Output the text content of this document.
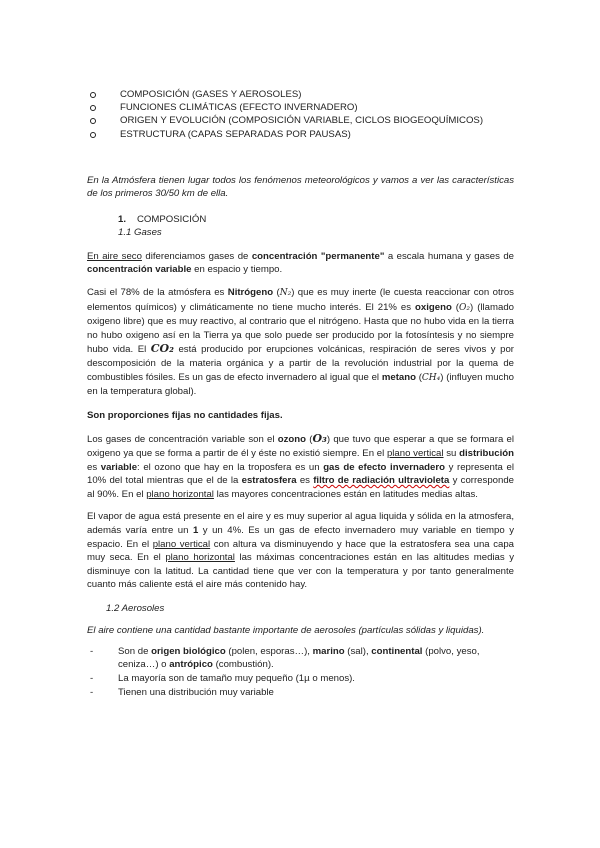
COMPOSICIÓN (GASES Y AEROSOLES)
FUNCIONES CLIMÁTICAS (EFECTO INVERNADERO)
ORIGEN Y EVOLUCIÓN (COMPOSICIÓN VARIABLE, CICLOS BIOGEOQUÍMICOS)
ESTRUCTURA (CAPAS SEPARADAS POR PAUSAS)

En la Atmósfera tienen lugar todos los fenómenos meteorológicos y vamos a ver las características de los primeros 30/50 km de ella.

1. COMPOSICIÓN
1.1 Gases

En aire seco diferenciamos gases de concentración "permanente" a escala humana y gases de concentración variable en espacio y tiempo.

Casi el 78% de la atmósfera es Nitrógeno (N₂) que es muy inerte (le cuesta reaccionar con otros elementos químicos) y climáticamente no tiene mucho interés. El 21% es oxigeno (O₂) (llamado oxigeno libre) que es muy reactivo, al contrario que el nitrógeno. Hasta que no hubo vida en la tierra no hubo oxigeno así en la Tierra ya que solo puede ser producido por la fotosíntesis y no siempre hubo vida. El CO₂ está producido por erupciones volcánicas, respiración de seres vivos y por descomposición de la materia orgánica y a partir de la revolución industrial por la quema de combustibles fósiles. Es un gas de efecto invernadero al igual que el metano (CH₄) (influyen mucho en la temperatura global).

Son proporciones fijas no cantidades fijas.

Los gases de concentración variable son el ozono (O₃) que tuvo que esperar a que se formara el oxigeno ya que se forma a partir de él y éste no existió siempre. En el plano vertical su distribución es variable: el ozono que hay en la troposfera es un gas de efecto invernadero y representa el 10% del total mientras que el de la estratosfera es filtro de radiación ultravioleta y corresponde al 90%. En el plano horizontal las mayores concentraciones están en latitudes medias altas.

El vapor de agua está presente en el aire y es muy superior al agua liquida y sólida en la atmosfera, además varía entre un 1 y un 4%. Es un gas de efecto invernadero muy variable en tiempo y espacio. En el plano vertical con altura va disminuyendo y hace que la estratosfera sea una capa muy seca. En el plano horizontal las máximas concentraciones están en las altitudes medias y disminuye con la latitud. La cantidad tiene que ver con la temperatura y por tanto generalmente cuanto más caliente está el aire más contenido hay.

1.2 Aerosoles

El aire contiene una cantidad bastante importante de aerosoles (partículas sólidas y liquidas).

-	Son de origen biológico (polen, esporas…), marino (sal), continental (polvo, yeso, ceniza…) o antrópico (combustión).
-	La mayoría son de tamaño muy pequeño (1µ o menos).
-	Tienen una distribución muy variable
